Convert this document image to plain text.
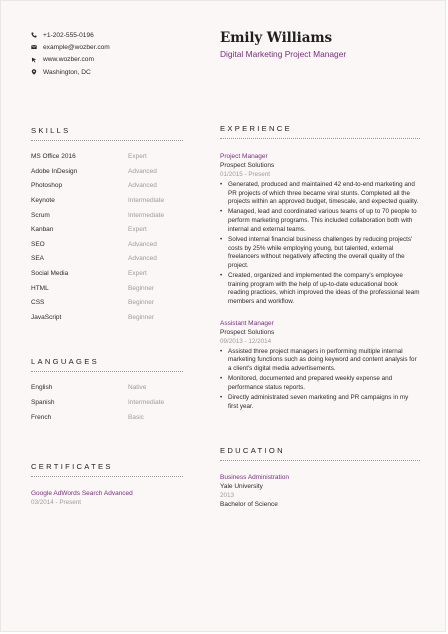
+1-202-555-0196
example@wozber.com
www.wozber.com
Washington, DC
SKILLS
MS Office 2016	Expert
Adobe InDesign	Advanced
Photoshop	Advanced
Keynote	Intermediate
Scrum	Intermediate
Kanban	Expert
SEO	Advanced
SEA	Advanced
Social Media	Expert
HTML	Beginner
CSS	Beginner
JavaScript	Beginner
LANGUAGES
English	Native
Spanish	Intermediate
French	Basic
CERTIFICATES
Google AdWords Search Advanced
03/2014 - Present
Emily Williams
Digital Marketing Project Manager
EXPERIENCE
Project Manager
Prospect Solutions
01/2015 - Present
• Generated, produced and maintained 42 end-to-end marketing and PR projects of which three became viral stunts. Completed all the projects within an approved budget, timescale, and expected quality.
• Managed, lead and coordinated various teams of up to 70 people to perform marketing programs. This included collaboration both with internal and external teams.
• Solved internal financial business challenges by reducing projects' costs by 25% while employing young, but talented, external freelancers without negatively affecting the overall quality of the project.
• Created, organized and implemented the company's employee training program with the help of up-to-date educational book reading practices, which improved the ideas of the professional team members and workflow.
Assistant Manager
Prospect Solutions
09/2013 - 12/2014
• Assisted three project managers in performing multiple internal marketing functions such as doing keyword and content analysis for a client's digital media advertisements.
• Monitored, documented and prepared weekly expense and performance status reports.
• Directly administrated seven marketing and PR campaigns in my first year.
EDUCATION
Business Administration
Yale University
2013
Bachelor of Science
